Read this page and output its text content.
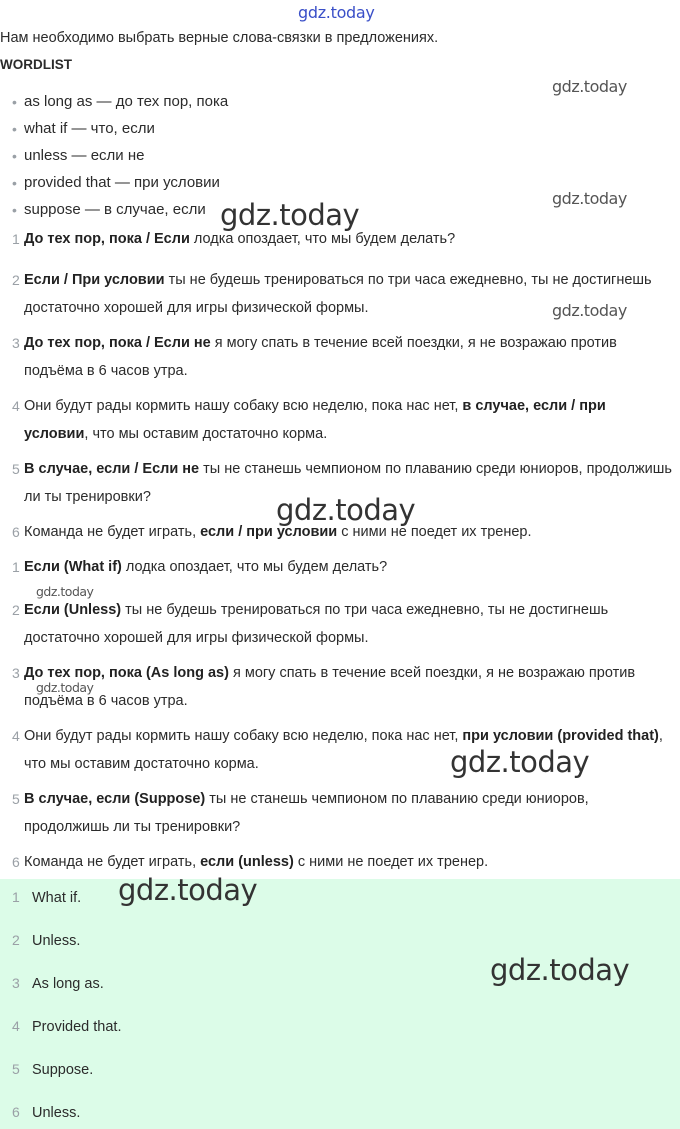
gdz.today
Нам необходимо выбрать верные слова-связки в предложениях.
WORDLIST
• as long as — до тех пор, пока
• what if — что, если
• unless — если не
• provided that — при условии
• suppose — в случае, если
1 До тех пор, пока / Если лодка опоздает, что мы будем делать?
2 Если / При условии ты не будешь тренироваться по три часа ежедневно, ты не достигнешь достаточно хорошей для игры физической формы.
3 До тех пор, пока / Если не я могу спать в течение всей поездки, я не возражаю против подъёма в 6 часов утра.
4 Они будут рады кормить нашу собаку всю неделю, пока нас нет, в случае, если / при условии, что мы оставим достаточно корма.
5 В случае, если / Если не ты не станешь чемпионом по плаванию среди юниоров, продолжишь ли ты тренировки?
6 Команда не будет играть, если / при условии с ними не поедет их тренер.
1 Если (What if) лодка опоздает, что мы будем делать?
2 Если (Unless) ты не будешь тренироваться по три часа ежедневно, ты не достигнешь достаточно хорошей для игры физической формы.
3 До тех пор, пока (As long as) я могу спать в течение всей поездки, я не возражаю против подъёма в 6 часов утра.
4 Они будут рады кормить нашу собаку всю неделю, пока нас нет, при условии (provided that), что мы оставим достаточно корма.
5 В случае, если (Suppose) ты не станешь чемпионом по плаванию среди юниоров, продолжишь ли ты тренировки?
6 Команда не будет играть, если (unless) с ними не поедет их тренер.
1 What if.
2 Unless.
3 As long as.
4 Provided that.
5 Suppose.
6 Unless.
gdz.today
gdz.today
gdz.today
gdz.today
gdz.today
gdz.today
gdz.today
gdz.today
gdz.today
gdz.today
